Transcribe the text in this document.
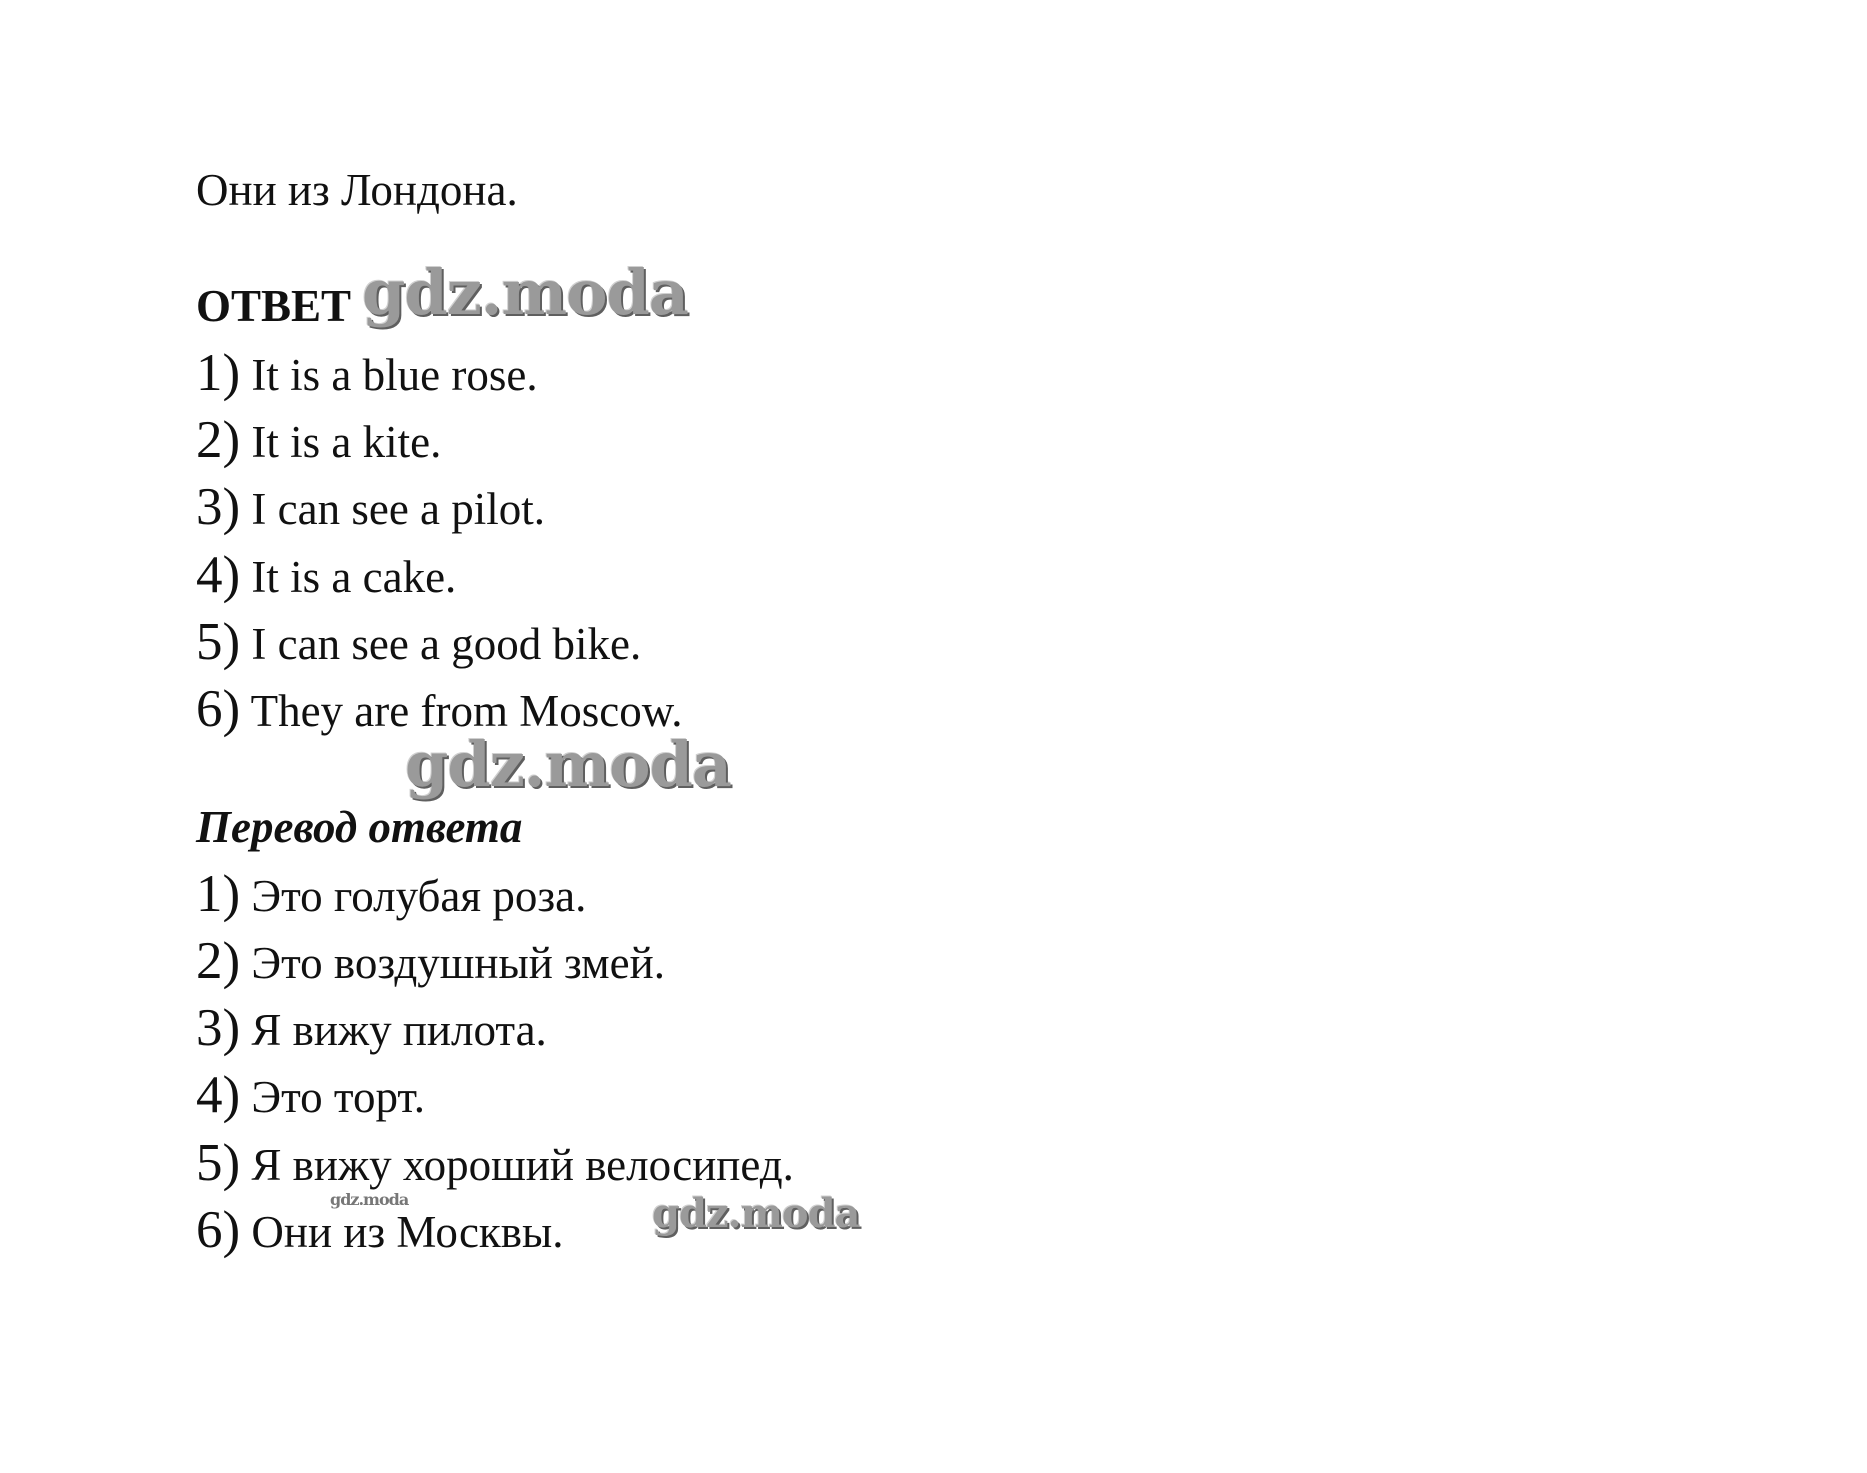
Они из Лондона.
ОТВЕТ gdz.moda
1) It is a blue rose.
2) It is a kite.
3) I can see a pilot.
4) It is a cake.
5) I can see a good bike.
6) They are from Moscow.
gdz.moda
Перевод ответа
1) Это голубая роза.
2) Это воздушный змей.
3) Я вижу пилота.
4) Это торт.
5) Я вижу хороший велосипед.
gdz.moda
6) Они из Москвы. gdz.moda
